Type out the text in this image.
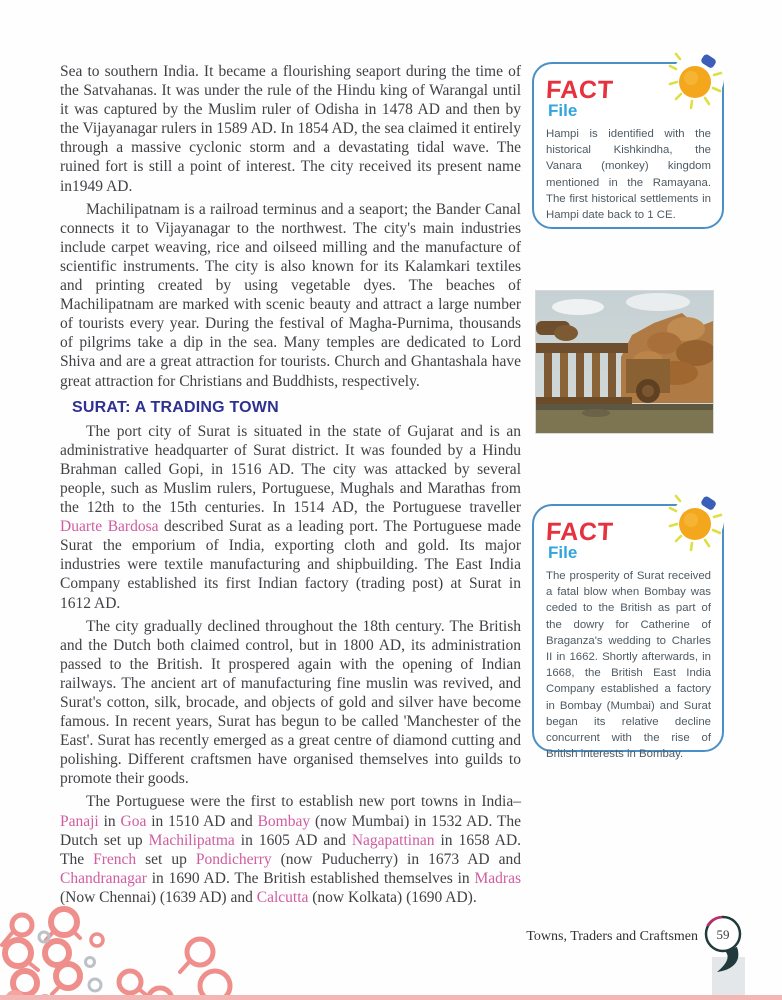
Sea to southern India. It became a flourishing seaport during the time of the Satvahanas. It was under the rule of the Hindu king of Warangal until it was captured by the Muslim ruler of Odisha in 1478 AD and then by the Vijayanagar rulers in 1589 AD. In 1854 AD, the sea claimed it entirely through a massive cyclonic storm and a devastating tidal wave. The ruined fort is still a point of interest. The city received its present name in1949 AD.

Machilipatnam is a railroad terminus and a seaport; the Bander Canal connects it to Vijayanagar to the northwest. The city's main industries include carpet weaving, rice and oilseed milling and the manufacture of scientific instruments. The city is also known for its Kalamkari textiles and printing created by using vegetable dyes. The beaches of Machilipatnam are marked with scenic beauty and attract a large number of tourists every year. During the festival of Magha-Purnima, thousands of pilgrims take a dip in the sea. Many temples are dedicated to Lord Shiva and are a great attraction for tourists. Church and Ghantashala have great attraction for Christians and Buddhists, respectively.

SURAT: A TRADING TOWN

The port city of Surat is situated in the state of Gujarat and is an administrative headquarter of Surat district. It was founded by a Hindu Brahman called Gopi, in 1516 AD. The city was attacked by several people, such as Muslim rulers, Portuguese, Mughals and Marathas from the 12th to the 15th centuries. In 1514 AD, the Portuguese traveller Duarte Bardosa described Surat as a leading port. The Portuguese made Surat the emporium of India, exporting cloth and gold. Its major industries were textile manufacturing and shipbuilding. The East India Company established its first Indian factory (trading post) at Surat in 1612 AD.

The city gradually declined throughout the 18th century. The British and the Dutch both claimed control, but in 1800 AD, its administration passed to the British. It prospered again with the opening of Indian railways. The ancient art of manufacturing fine muslin was revived, and Surat's cotton, silk, brocade, and objects of gold and silver have become famous. In recent years, Surat has begun to be called 'Manchester of the East'. Surat has recently emerged as a great centre of diamond cutting and polishing. Different craftsmen have organised themselves into guilds to promote their goods.

The Portuguese were the first to establish new port towns in India– Panaji in Goa in 1510 AD and Bombay (now Mumbai) in 1532 AD. The Dutch set up Machilipatma in 1605 AD and Nagapattinan in 1658 AD. The French set up Pondicherry (now Puducherry) in 1673 AD and Chandranagar in 1690 AD. The British established themselves in Madras (Now Chennai) (1639 AD) and Calcutta (now Kolkata) (1690 AD).

FACT
File

Hampi is identified with the historical Kishkindha, the Vanara (monkey) kingdom mentioned in the Ramayana. The first historical settlements in Hampi date back to 1 CE.

FACT
File

The prosperity of Surat received a fatal blow when Bombay was ceded to the British as part of the dowry for Catherine of Braganza's wedding to Charles II in 1662. Shortly afterwards, in 1668, the British East India Company established a factory in Bombay (Mumbai) and Surat began its relative decline concurrent with the rise of British interests in Bombay.

Towns, Traders and Craftsmen 59
